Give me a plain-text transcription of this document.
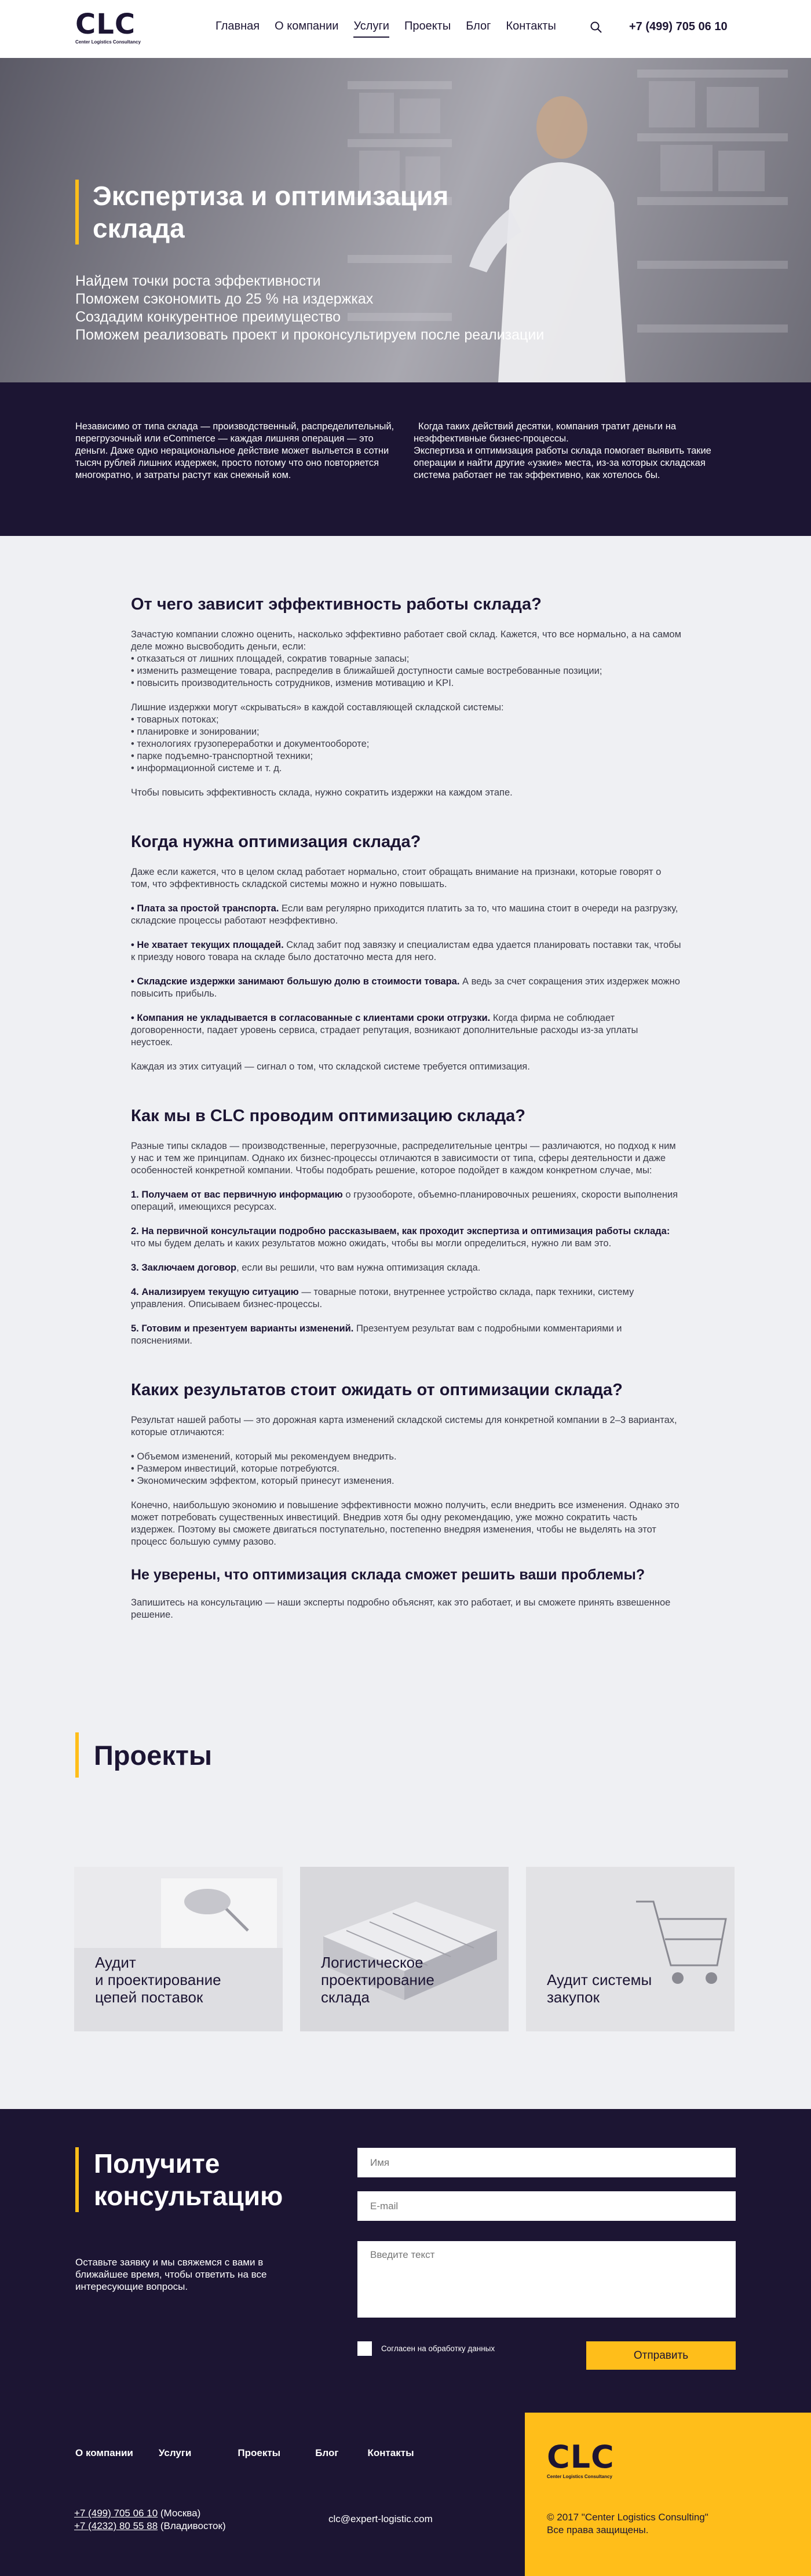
CLC
Center Logistics Consultancy
Главная О компании Услуги Проекты Блог Контакты	+7 (499) 705 06 10
Экспертиза и оптимизация склада
Найдем точки роста эффективности
Поможем сэкономить до 25 % на издержках
Создадим конкурентное преимущество
Поможем реализовать проект и проконсультируем после реализации

Независимо от типа склада — производственный, распределительный, перегрузочный или eCommerce — каждая лишняя операция — это деньги. Даже одно нерациональное действие может выльется в сотни тысяч рублей лишних издержек, просто потому что оно повторяется многократно, и затраты растут как снежный ком.

Когда таких действий десятки, компания тратит деньги на неэффективные бизнес-процессы.

Экспертиза и оптимизация работы склада помогает выявить такие операции и найти другие «узкие» места, из-за которых складская система работает не так эффективно, как хотелось бы.

От чего зависит эффективность работы склада?

Зачастую компании сложно оценить, насколько эффективно работает свой склад. Кажется, что все нормально, а на самом деле можно высвободить деньги, если:
• отказаться от лишних площадей, сократив товарные запасы;
• изменить размещение товара, распределив в ближайшей доступности самые востребованные позиции;
• повысить производительность сотрудников, изменив мотивацию и KPI.

Лишние издержки могут «скрываться» в каждой составляющей складской системы:
• товарных потоках;
• планировке и зонировании;
• технологиях грузопереработки и документообороте;
• парке подъемно-транспортной техники;
• информационной системе и т. д.

Чтобы повысить эффективность склада, нужно сократить издержки на каждом этапе.

Когда нужна оптимизация склада?

Даже если кажется, что в целом склад работает нормально, стоит обращать внимание на признаки, которые говорят о том, что эффективность складской системы можно и нужно повышать.

• Плата за простой транспорта. Если вам регулярно приходится платить за то, что машина стоит в очереди на разгрузку, складские процессы работают неэффективно.

• Не хватает текущих площадей. Склад забит под завязку и специалистам едва удается планировать поставки так, чтобы к приезду нового товара на складе было достаточно места для него.

• Складские издержки занимают большую долю в стоимости товара. А ведь за счет сокращения этих издержек можно повысить прибыль.

• Компания не укладывается в согласованные с клиентами сроки отгрузки. Когда фирма не соблюдает договоренности, падает уровень сервиса, страдает репутация, возникают дополнительные расходы из-за уплаты неустоек.

Каждая из этих ситуаций — сигнал о том, что складской системе требуется оптимизация.

Как мы в CLC проводим оптимизацию склада?

Разные типы складов — производственные, перегрузочные, распределительные центры — различаются, но подход к ним у нас и тем же принципам. Однако их бизнес-процессы отличаются в зависимости от типа, сферы деятельности и даже особенностей конкретной компании. Чтобы подобрать решение, которое подойдет в каждом конкретном случае, мы:

1. Получаем от вас первичную информацию о грузообороте, объемно-планировочных решениях, скорости выполнения операций, имеющихся ресурсах.

2. На первичной консультации подробно рассказываем, как проходит экспертиза и оптимизация работы склада: что мы будем делать и каких результатов можно ожидать, чтобы вы могли определиться, нужно ли вам это.

3. Заключаем договор, если вы решили, что вам нужна оптимизация склада.

4. Анализируем текущую ситуацию — товарные потоки, внутреннее устройство склада, парк техники, систему управления. Описываем бизнес-процессы.

5. Готовим и презентуем варианты изменений. Презентуем результат вам с подробными комментариями и пояснениями.

Каких результатов стоит ожидать от оптимизации склада?

Результат нашей работы — это дорожная карта изменений складской системы для конкретной компании в 2–3 вариантах, которые отличаются:

• Объемом изменений, который мы рекомендуем внедрить.
• Размером инвестиций, которые потребуются.
• Экономическим эффектом, который принесут изменения.

Конечно, наибольшую экономию и повышение эффективности можно получить, если внедрить все изменения. Однако это может потребовать существенных инвестиций. Внедрив хотя бы одну рекомендацию, уже можно сократить часть издержек. Поэтому вы сможете двигаться поступательно, постепенно внедряя изменения, чтобы не выделять на этот процесс большую сумму разово.

Не уверены, что оптимизация склада сможет решить ваши проблемы?

Запишитесь на консультацию — наши эксперты подробно объяснят, как это работает, и вы сможете принять взвешенное решение.

Проекты
Аудит
и проектирование
цепей поставок
Логистическое
проектирование
склада
Аудит системы
закупок
Получите
консультацию

Оставьте заявку и мы свяжемся с вами в ближайшее время, чтобы ответить на все интересующие вопросы.

Имя
E-mail
Введите текст
Согласен на обработку данных
Отправить
О компании	Услуги	Проекты	Блог	Контакты
+7 (499) 705 06 10 (Москва)
+7 (4232) 80 55 88 (Владивосток)
clc@expert-logistic.com
CLC
Center Logistics Consultancy
© 2017 "Center Logistics Consulting"
Все права защищены.
